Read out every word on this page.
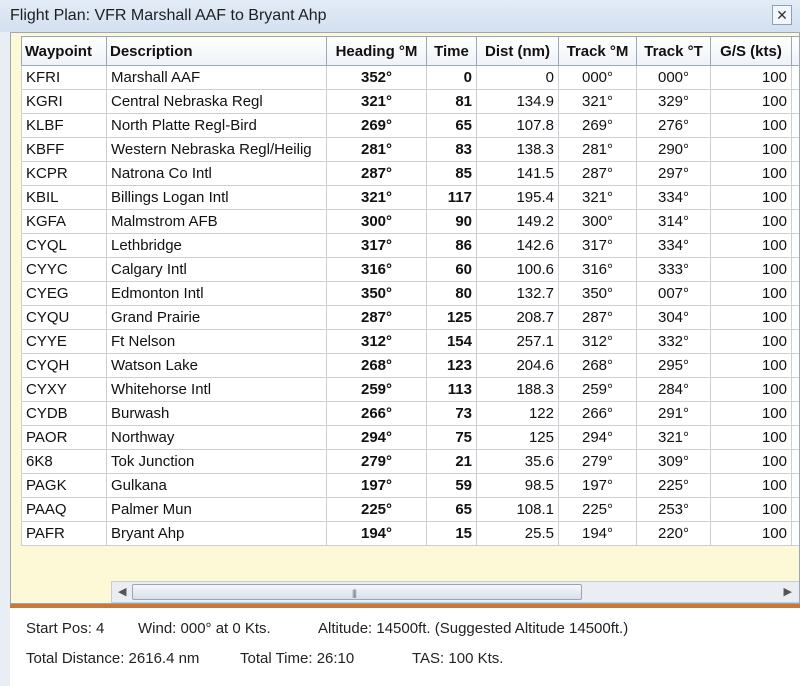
Flight Plan: VFR Marshall AAF to Bryant Ahp	✕
Waypoint	Description	Heading °M	Time	Dist (nm)	Track °M	Track °T	G/S (kts)	
KFRI	Marshall AAF	352°	0	0	000°	000°	100	
KGRI	Central Nebraska Regl	321°	81	134.9	321°	329°	100	
KLBF	North Platte Regl-Bird	269°	65	107.8	269°	276°	100	
KBFF	Western Nebraska Regl/Heilig	281°	83	138.3	281°	290°	100	
KCPR	Natrona Co Intl	287°	85	141.5	287°	297°	100	
KBIL	Billings Logan Intl	321°	117	195.4	321°	334°	100	
KGFA	Malmstrom AFB	300°	90	149.2	300°	314°	100	
CYQL	Lethbridge	317°	86	142.6	317°	334°	100	
CYYC	Calgary Intl	316°	60	100.6	316°	333°	100	
CYEG	Edmonton Intl	350°	80	132.7	350°	007°	100	
CYQU	Grand Prairie	287°	125	208.7	287°	304°	100	
CYYE	Ft Nelson	312°	154	257.1	312°	332°	100	
CYQH	Watson Lake	268°	123	204.6	268°	295°	100	
CYXY	Whitehorse Intl	259°	113	188.3	259°	284°	100	
CYDB	Burwash	266°	73	122	266°	291°	100	
PAOR	Northway	294°	75	125	294°	321°	100	
6K8	Tok Junction	279°	21	35.6	279°	309°	100	
PAGK	Gulkana	197°	59	98.5	197°	225°	100	
PAAQ	Palmer Mun	225°	65	108.1	225°	253°	100	
PAFR	Bryant Ahp	194°	15	25.5	194°	220°	100	
◀	|||	▶
Start Pos: 4 Wind: 000° at 0 Kts.	Altitude: 14500ft. (Suggested Altitude 14500ft.)
Total Distance: 2616.4 nm	Total Time: 26:10	TAS: 100 Kts.
